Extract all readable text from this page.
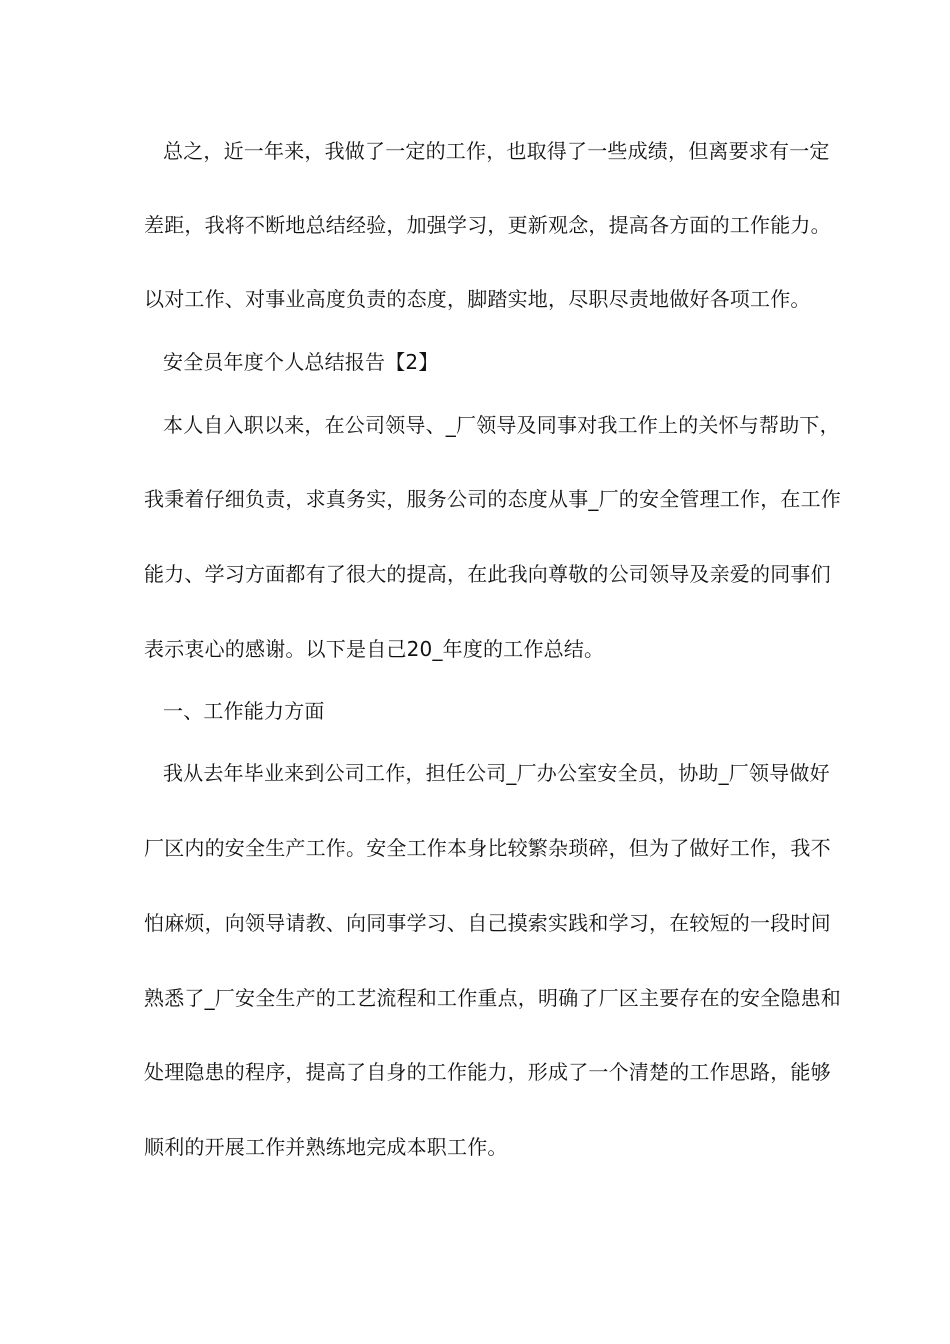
总之，近一年来，我做了一定的工作，也取得了一些成绩，但离要求有一定
差距，我将不断地总结经验，加强学习，更新观念，提高各方面的工作能力。
以对工作、对事业高度负责的态度，脚踏实地，尽职尽责地做好各项工作。
安全员年度个人总结报告【2】
本人自入职以来，在公司领导、_厂领导及同事对我工作上的关怀与帮助下，
我秉着仔细负责，求真务实，服务公司的态度从事_厂的安全管理工作，在工作
能力、学习方面都有了很大的提高，在此我向尊敬的公司领导及亲爱的同事们
表示衷心的感谢。以下是自己20_年度的工作总结。
一、工作能力方面
我从去年毕业来到公司工作，担任公司_厂办公室安全员，协助_厂领导做好
厂区内的安全生产工作。安全工作本身比较繁杂琐碎，但为了做好工作，我不
怕麻烦，向领导请教、向同事学习、自己摸索实践和学习，在较短的一段时间
熟悉了_厂安全生产的工艺流程和工作重点，明确了厂区主要存在的安全隐患和
处理隐患的程序，提高了自身的工作能力，形成了一个清楚的工作思路，能够
顺利的开展工作并熟练地完成本职工作。
